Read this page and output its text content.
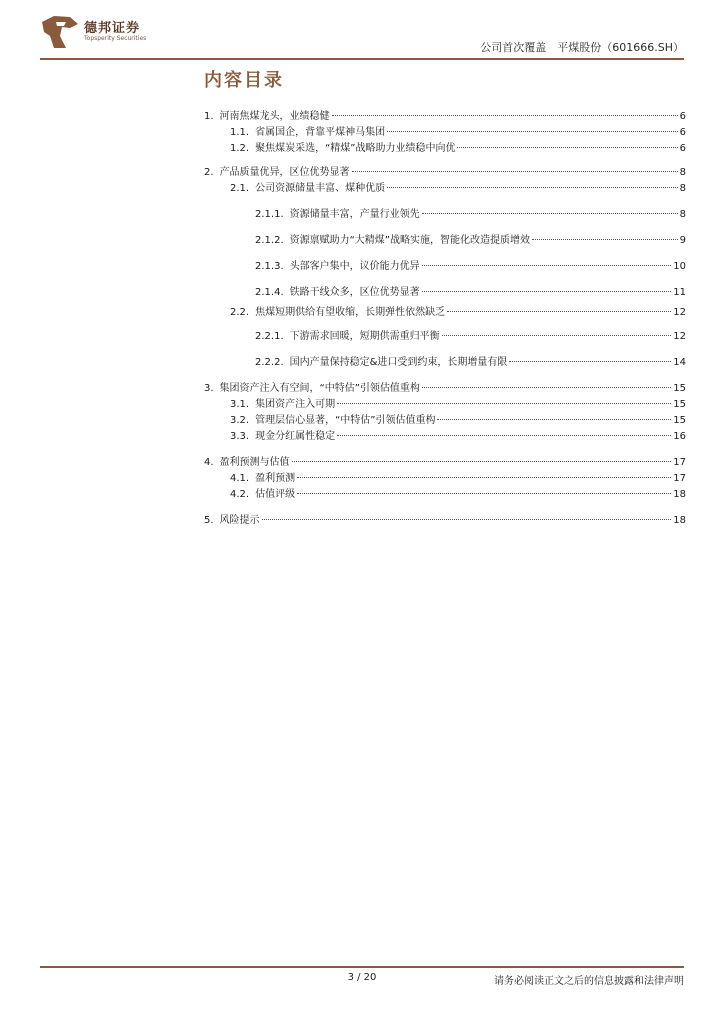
德邦证券
Topsperity Securities
公司首次覆盖　平煤股份（601666.SH）
内容目录
1. 河南焦煤龙头，业绩稳健	6
1.1. 省属国企，背靠平煤神马集团	6
1.2. 聚焦煤炭采选，“精煤”战略助力业绩稳中向优	6
2. 产品质量优异，区位优势显著	8
2.1. 公司资源储量丰富、煤种优质	8
2.1.1. 资源储量丰富，产量行业领先	8
2.1.2. 资源禀赋助力“大精煤”战略实施，智能化改造提质增效	9
2.1.3. 头部客户集中，议价能力优异	10
2.1.4. 铁路干线众多，区位优势显著	11
2.2. 焦煤短期供给有望收缩，长期弹性依然缺乏	12
2.2.1. 下游需求回暖，短期供需重归平衡	12
2.2.2. 国内产量保持稳定&进口受到约束，长期增量有限	14
3. 集团资产注入有空间，“中特估”引领估值重构	15
3.1. 集团资产注入可期	15
3.2. 管理层信心显著，“中特估”引领估值重构	15
3.3. 现金分红属性稳定	16
4. 盈利预测与估值	17
4.1. 盈利预测	17
4.2. 估值评级	18
5. 风险提示	18
3 / 20	请务必阅读正文之后的信息披露和法律声明
